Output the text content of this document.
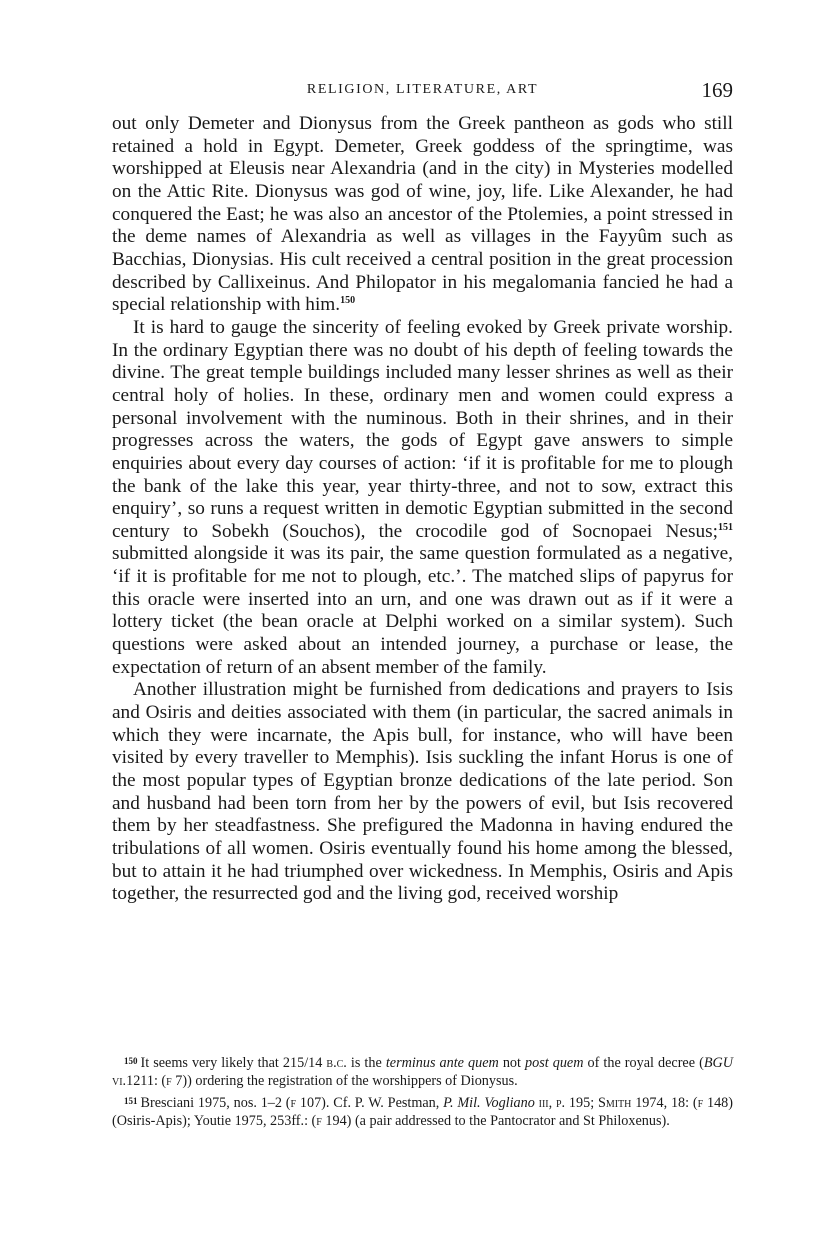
RELIGION, LITERATURE, ART	169

out only Demeter and Dionysus from the Greek pantheon as gods who still retained a hold in Egypt. Demeter, Greek goddess of the springtime, was worshipped at Eleusis near Alexandria (and in the city) in Mysteries modelled on the Attic Rite. Dionysus was god of wine, joy, life. Like Alexander, he had conquered the East; he was also an ancestor of the Ptolemies, a point stressed in the deme names of Alexandria as well as villages in the Fayyûm such as Bacchias, Dionysias. His cult received a central position in the great procession described by Callixeinus. And Philopator in his megalomania fancied he had a special relationship with him.$^{150}$

It is hard to gauge the sincerity of feeling evoked by Greek private worship. In the ordinary Egyptian there was no doubt of his depth of feeling towards the divine. The great temple buildings included many lesser shrines as well as their central holy of holies. In these, ordinary men and women could express a personal involvement with the numinous. Both in their shrines, and in their progresses across the waters, the gods of Egypt gave answers to simple enquiries about every day courses of action: ‘if it is profitable for me to plough the bank of the lake this year, year thirty-three, and not to sow, extract this enquiry’, so runs a request written in demotic Egyptian submitted in the second century to Sobekh (Souchos), the crocodile god of Socnopaei Nesus;$^{151}$ submitted alongside it was its pair, the same question formulated as a negative, ‘if it is profitable for me not to plough, etc.’. The matched slips of papyrus for this oracle were inserted into an urn, and one was drawn out as if it were a lottery ticket (the bean oracle at Delphi worked on a similar system). Such questions were asked about an intended journey, a purchase or lease, the expectation of return of an absent member of the family.

Another illustration might be furnished from dedications and prayers to Isis and Osiris and deities associated with them (in particular, the sacred animals in which they were incarnate, the Apis bull, for instance, who will have been visited by every traveller to Memphis). Isis suckling the infant Horus is one of the most popular types of Egyptian bronze dedications of the late period. Son and husband had been torn from her by the powers of evil, but Isis recovered them by her steadfastness. She prefigured the Madonna in having endured the tribulations of all women. Osiris eventually found his home among the blessed, but to attain it he had triumphed over wickedness. In Memphis, Osiris and Apis together, the resurrected god and the living god, received worship

$^{150}$ It seems very likely that 215/14 b.c. is the terminus ante quem not post quem of the royal decree (BGU vi.1211: (f 7)) ordering the registration of the worshippers of Dionysus.

$^{151}$ Bresciani 1975, nos. 1–2 (f 107). Cf. P. W. Pestman, P. Mil. Vogliano iii, p. 195; Smith 1974, 18: (f 148) (Osiris-Apis); Youtie 1975, 253ff.: (f 194) (a pair addressed to the Pantocrator and St Philoxenus).
